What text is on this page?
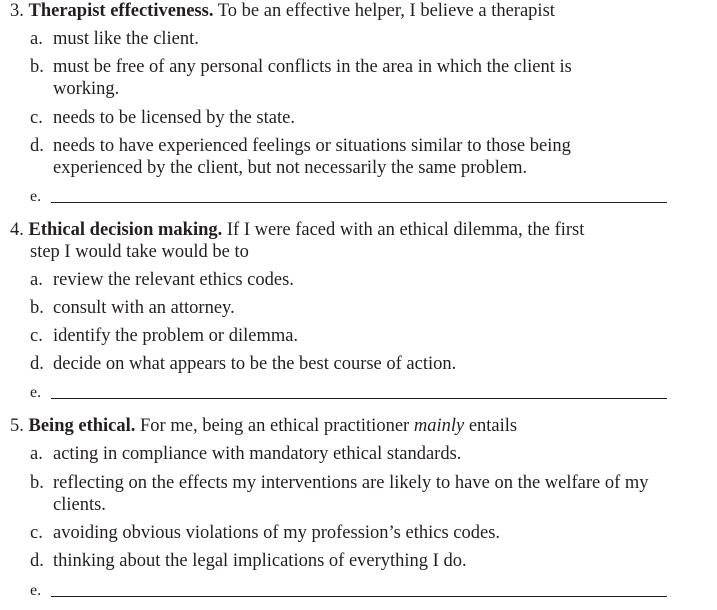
3. Therapist effectiveness. To be an effective helper, I believe a therapist
a. must like the client.
b. must be free of any personal conflicts in the area in which the client is working.
c. needs to be licensed by the state.
d. needs to have experienced feelings or situations similar to those being experienced by the client, but not necessarily the same problem.
e.
4. Ethical decision making. If I were faced with an ethical dilemma, the first
step I would take would be to
a. review the relevant ethics codes.
b. consult with an attorney.
c. identify the problem or dilemma.
d. decide on what appears to be the best course of action.
e.
5. Being ethical. For me, being an ethical practitioner mainly entails
a. acting in compliance with mandatory ethical standards.
b. reflecting on the effects my interventions are likely to have on the welfare of my clients.
c. avoiding obvious violations of my profession’s ethics codes.
d. thinking about the legal implications of everything I do.
e.
